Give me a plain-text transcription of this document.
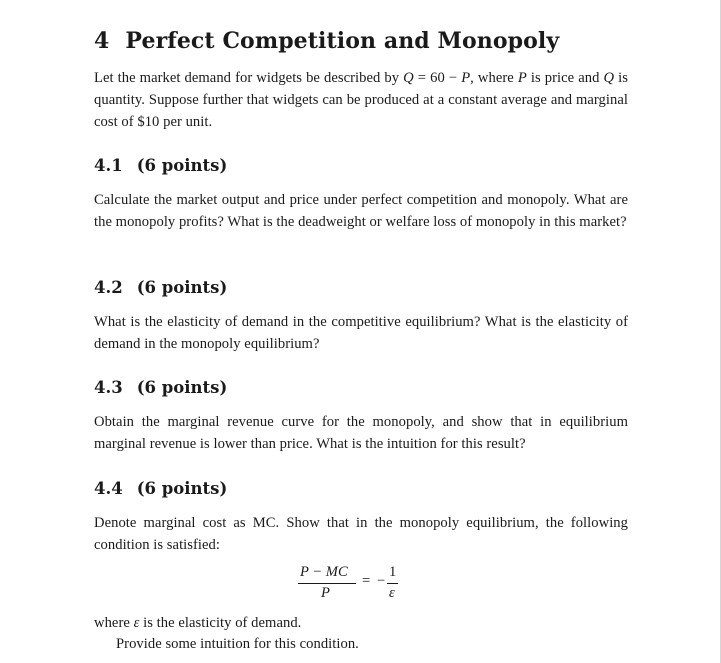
4 Perfect Competition and Monopoly
Let the market demand for widgets be described by Q = 60 − P, where P is price and Q is quantity. Suppose further that widgets can be produced at a constant average and marginal cost of $10 per unit.
4.1 (6 points)
Calculate the market output and price under perfect competition and monopoly. What are the monopoly profits? What is the deadweight or welfare loss of monopoly in this market?
4.2 (6 points)
What is the elasticity of demand in the competitive equilibrium? What is the elasticity of demand in the monopoly equilibrium?
4.3 (6 points)
Obtain the marginal revenue curve for the monopoly, and show that in equilibrium marginal revenue is lower than price. What is the intuition for this result?
4.4 (6 points)
Denote marginal cost as MC. Show that in the monopoly equilibrium, the following condition is satisfied:
P − MC
P
= −
1
ε
where ε is the elasticity of demand.
Provide some intuition for this condition.
